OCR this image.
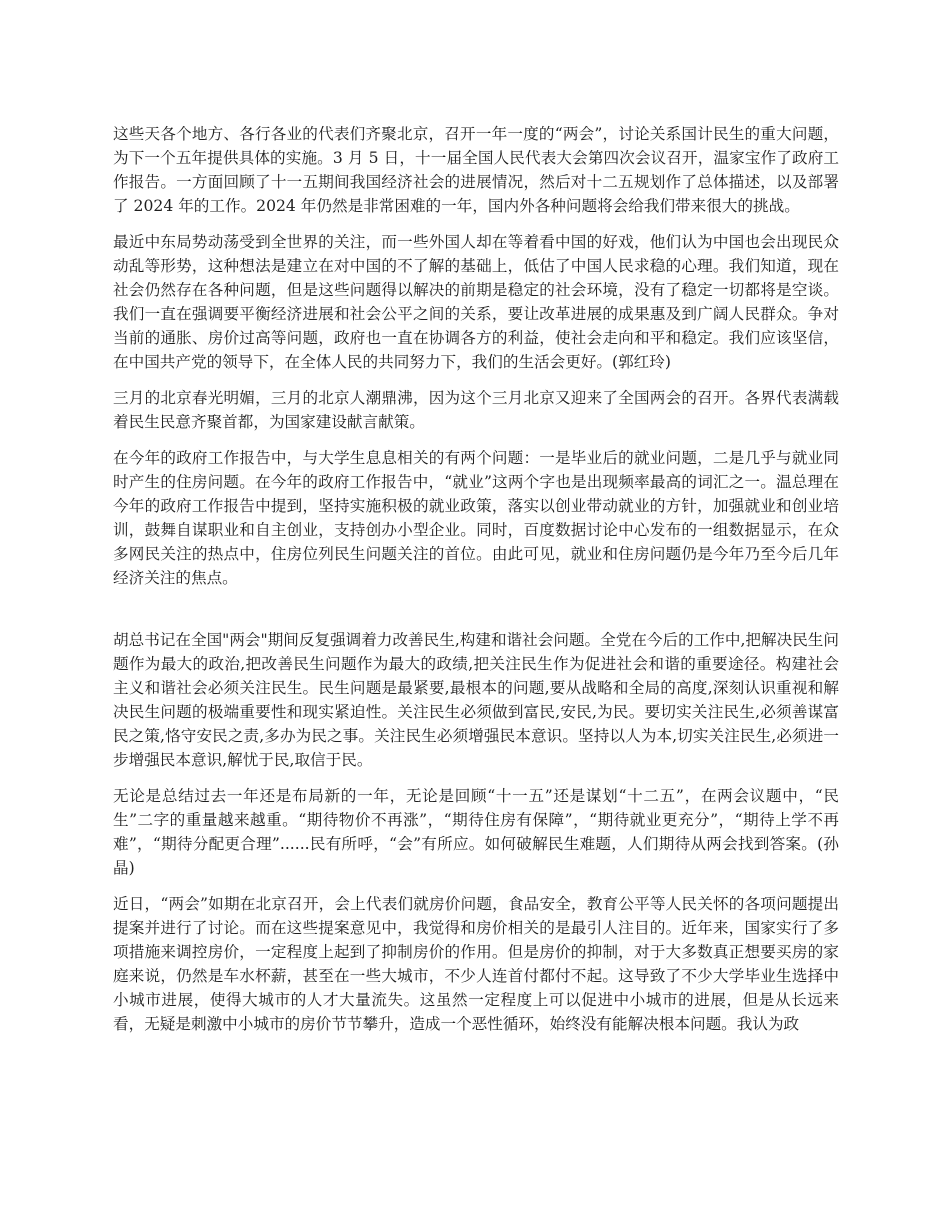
这些天各个地方、各行各业的代表们齐聚北京，召开一年一度的“两会”，讨论关系国计民生的重大问题，为下一个五年提供具体的实施。3 月 5 日，十一届全国人民代表大会第四次会议召开，温家宝作了政府工作报告。一方面回顾了十一五期间我国经济社会的进展情况，然后对十二五规划作了总体描述，以及部署了 2024 年的工作。2024 年仍然是非常困难的一年，国内外各种问题将会给我们带来很大的挑战。

最近中东局势动荡受到全世界的关注，而一些外国人却在等着看中国的好戏，他们认为中国也会出现民众动乱等形势，这种想法是建立在对中国的不了解的基础上，低估了中国人民求稳的心理。我们知道，现在社会仍然存在各种问题，但是这些问题得以解决的前期是稳定的社会环境，没有了稳定一切都将是空谈。我们一直在强调要平衡经济进展和社会公平之间的关系，要让改革进展的成果惠及到广阔人民群众。争对当前的通胀、房价过高等问题，政府也一直在协调各方的利益，使社会走向和平和稳定。我们应该坚信，在中国共产党的领导下，在全体人民的共同努力下，我们的生活会更好。(郭红玲)

三月的北京春光明媚，三月的北京人潮鼎沸，因为这个三月北京又迎来了全国两会的召开。各界代表满载着民生民意齐聚首都，为国家建设献言献策。

在今年的政府工作报告中，与大学生息息相关的有两个问题：一是毕业后的就业问题，二是几乎与就业同时产生的住房问题。在今年的政府工作报告中，“就业”这两个字也是出现频率最高的词汇之一。温总理在今年的政府工作报告中提到，坚持实施积极的就业政策，落实以创业带动就业的方针，加强就业和创业培训，鼓舞自谋职业和自主创业，支持创办小型企业。同时，百度数据讨论中心发布的一组数据显示，在众多网民关注的热点中，住房位列民生问题关注的首位。由此可见，就业和住房问题仍是今年乃至今后几年经济关注的焦点。

胡总书记在全国"两会"期间反复强调着力改善民生,构建和谐社会问题。全党在今后的工作中,把解决民生问题作为最大的政治,把改善民生问题作为最大的政绩,把关注民生作为促进社会和谐的重要途径。构建社会主义和谐社会必须关注民生。民生问题是最紧要,最根本的问题,要从战略和全局的高度,深刻认识重视和解决民生问题的极端重要性和现实紧迫性。关注民生必须做到富民,安民,为民。要切实关注民生,必须善谋富民之策,恪守安民之责,多办为民之事。关注民生必须增强民本意识。坚持以人为本,切实关注民生,必须进一步增强民本意识,解忧于民,取信于民。

无论是总结过去一年还是布局新的一年，无论是回顾“十一五”还是谋划“十二五”，在两会议题中，“民生”二字的重量越来越重。“期待物价不再涨”，“期待住房有保障”，“期待就业更充分”，“期待上学不再难”，“期待分配更合理”......民有所呼，“会”有所应。如何破解民生难题，人们期待从两会找到答案。(孙晶)

近日，“两会”如期在北京召开，会上代表们就房价问题，食品安全，教育公平等人民关怀的各项问题提出提案并进行了讨论。而在这些提案意见中，我觉得和房价相关的是最引人注目的。近年来，国家实行了多项措施来调控房价，一定程度上起到了抑制房价的作用。但是房价的抑制，对于大多数真正想要买房的家庭来说，仍然是车水杯薪，甚至在一些大城市，不少人连首付都付不起。这导致了不少大学毕业生选择中小城市进展，使得大城市的人才大量流失。这虽然一定程度上可以促进中小城市的进展，但是从长远来看，无疑是刺激中小城市的房价节节攀升，造成一个恶性循环，始终没有能解决根本问题。我认为政
